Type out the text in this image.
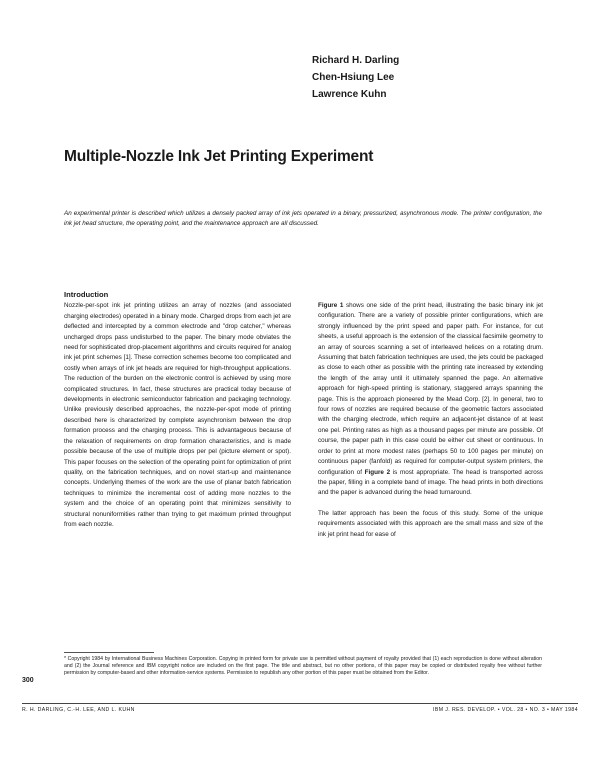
Richard H. Darling
Chen-Hsiung Lee
Lawrence Kuhn
Multiple-Nozzle Ink Jet Printing Experiment
An experimental printer is described which utilizes a densely packed array of ink jets operated in a binary, pressurized, asynchronous mode. The printer configuration, the ink jet head structure, the operating point, and the maintenance approach are all discussed.
Introduction

Nozzle-per-spot ink jet printing utilizes an array of nozzles (and associated charging electrodes) operated in a binary mode. Charged drops from each jet are deflected and intercepted by a common electrode and "drop catcher," whereas uncharged drops pass undisturbed to the paper. The binary mode obviates the need for sophisticated drop-placement algorithms and circuits required for analog ink jet print schemes [1]. These correction schemes become too complicated and costly when arrays of ink jet heads are required for high-throughput applications. The reduction of the burden on the electronic control is achieved by using more complicated structures. In fact, these structures are practical today because of developments in electronic semiconductor fabrication and packaging technology. Unlike previously described approaches, the nozzle-per-spot mode of printing described here is characterized by complete asynchronism between the drop formation process and the charging process. This is advantageous because of the relaxation of requirements on drop formation characteristics, and is made possible because of the use of multiple drops per pel (picture element or spot). This paper focuses on the selection of the operating point for optimization of print quality, on the fabrication techniques, and on novel start-up and maintenance concepts. Underlying themes of the work are the use of planar batch fabrication techniques to minimize the incremental cost of adding more nozzles to the system and the choice of an operating point that minimizes sensitivity to structural nonuniformities rather than trying to get maximum printed throughput from each nozzle.

Figure 1 shows one side of the print head, illustrating the basic binary ink jet configuration. There are a variety of possible printer configurations, which are strongly influenced by the print speed and paper path. For instance, for cut sheets, a useful approach is the extension of the classical facsimile geometry to an array of sources scanning a set of interleaved helices on a rotating drum. Assuming that batch fabrication techniques are used, the jets could be packaged as close to each other as possible with the printing rate increased by extending the length of the array until it ultimately spanned the page. An alternative approach for high-speed printing is stationary, staggered arrays spanning the page. This is the approach pioneered by the Mead Corp. [2]. In general, two to four rows of nozzles are required because of the geometric factors associated with the charging electrode, which require an adjacent-jet distance of at least one pel. Printing rates as high as a thousand pages per minute are possible. Of course, the paper path in this case could be either cut sheet or continuous. In order to print at more modest rates (perhaps 50 to 100 pages per minute) on continuous paper (fanfold) as required for computer-output system printers, the configuration of Figure 2 is most appropriate. The head is transported across the paper, filling in a complete band of image. The head prints in both directions and the paper is advanced during the head turnaround.

The latter approach has been the focus of this study. Some of the unique requirements associated with this approach are the small mass and size of the ink jet print head for ease of

* Copyright 1984 by International Business Machines Corporation. Copying in printed form for private use is permitted without payment of royalty provided that (1) each reproduction is done without alteration and (2) the Journal reference and IBM copyright notice are included on the first page. The title and abstract, but no other portions, of this paper may be copied or distributed royalty free without further permission by computer-based and other information-service systems. Permission to republish any other portion of this paper must be obtained from the Editor.
300
R. H. DARLING, C.-H. LEE, AND L. KUHN	IBM J. RES. DEVELOP. • VOL. 28 • NO. 3 • MAY 1984
